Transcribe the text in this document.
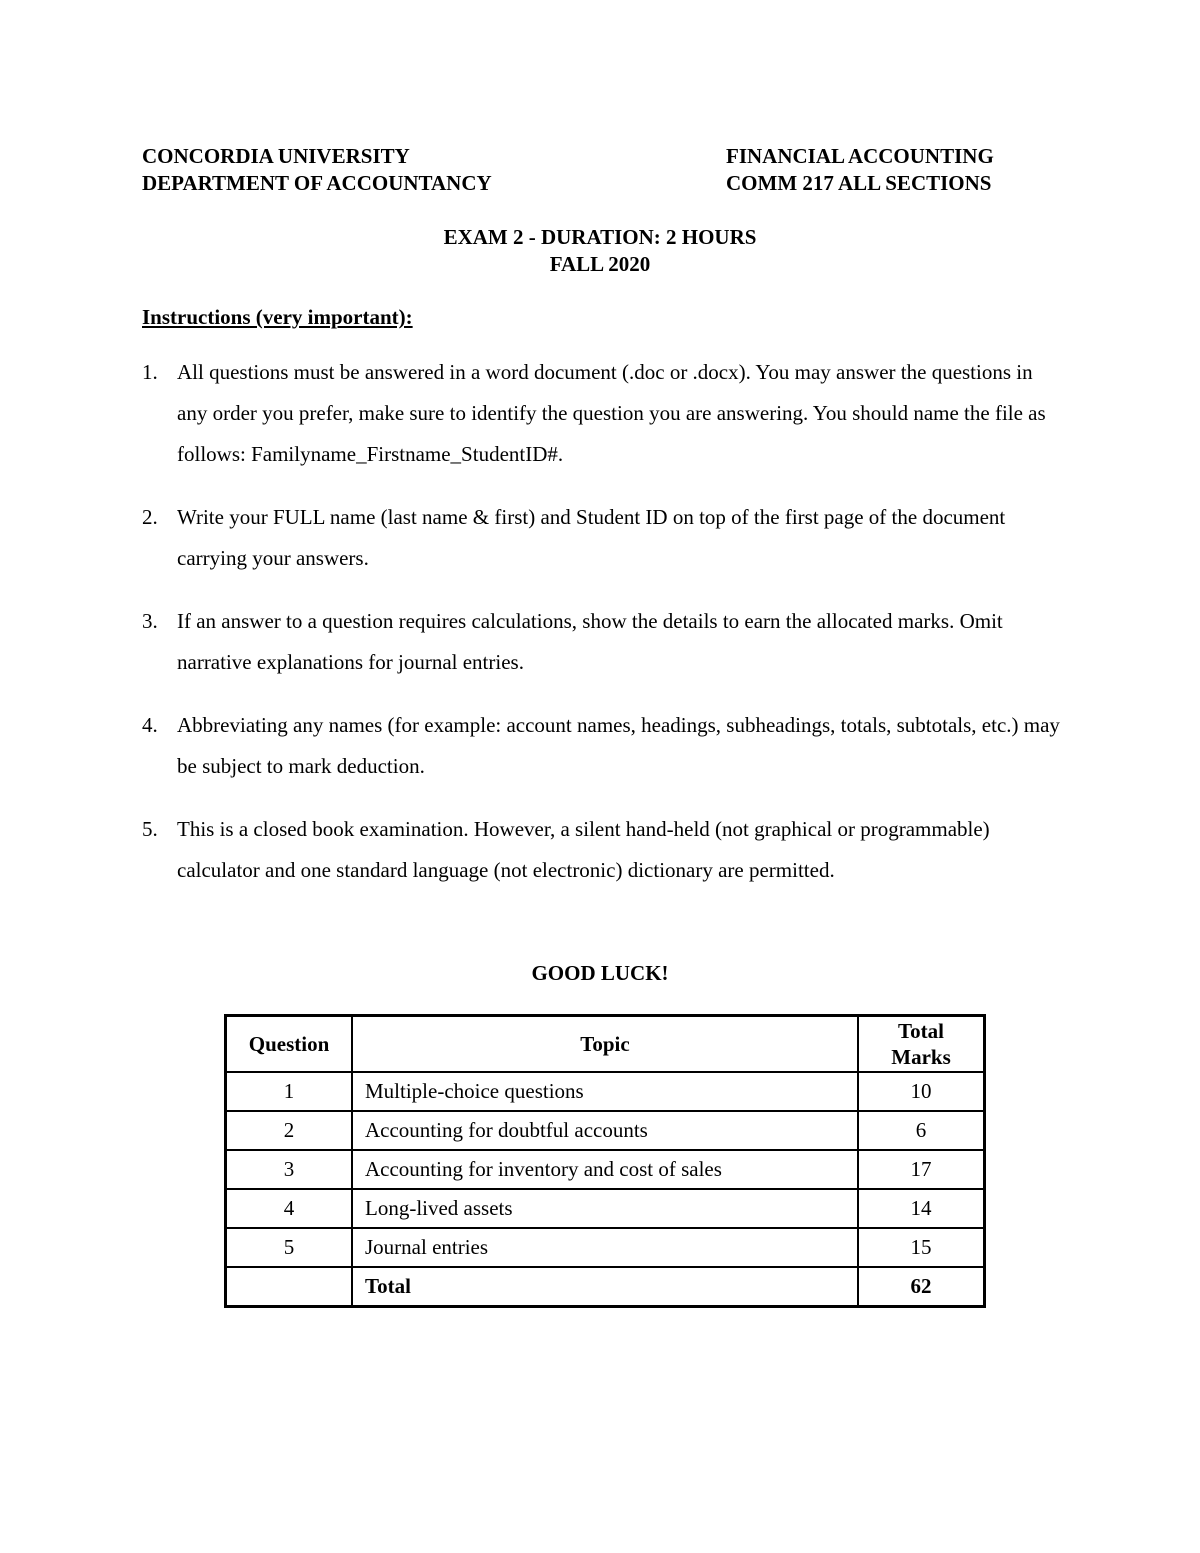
CONCORDIA UNIVERSITY	FINANCIAL ACCOUNTING
DEPARTMENT OF ACCOUNTANCY	COMM 217 ALL SECTIONS
EXAM 2 - DURATION: 2 HOURS
FALL 2020
Instructions (very important):
1. All questions must be answered in a word document (.doc or .docx). You may answer the questions in any order you prefer, make sure to identify the question you are answering. You should name the file as follows: Familyname_Firstname_StudentID#.
2. Write your FULL name (last name & first) and Student ID on top of the first page of the document carrying your answers.
3. If an answer to a question requires calculations, show the details to earn the allocated marks. Omit narrative explanations for journal entries.
4. Abbreviating any names (for example: account names, headings, subheadings, totals, subtotals, etc.) may be subject to mark deduction.
5. This is a closed book examination. However, a silent hand-held (not graphical or programmable) calculator and one standard language (not electronic) dictionary are permitted.
GOOD LUCK!
Question	Topic	Total
Marks
1	Multiple-choice questions	10
2	Accounting for doubtful accounts	6
3	Accounting for inventory and cost of sales	17
4	Long-lived assets	14
5	Journal entries	15
	Total	62
